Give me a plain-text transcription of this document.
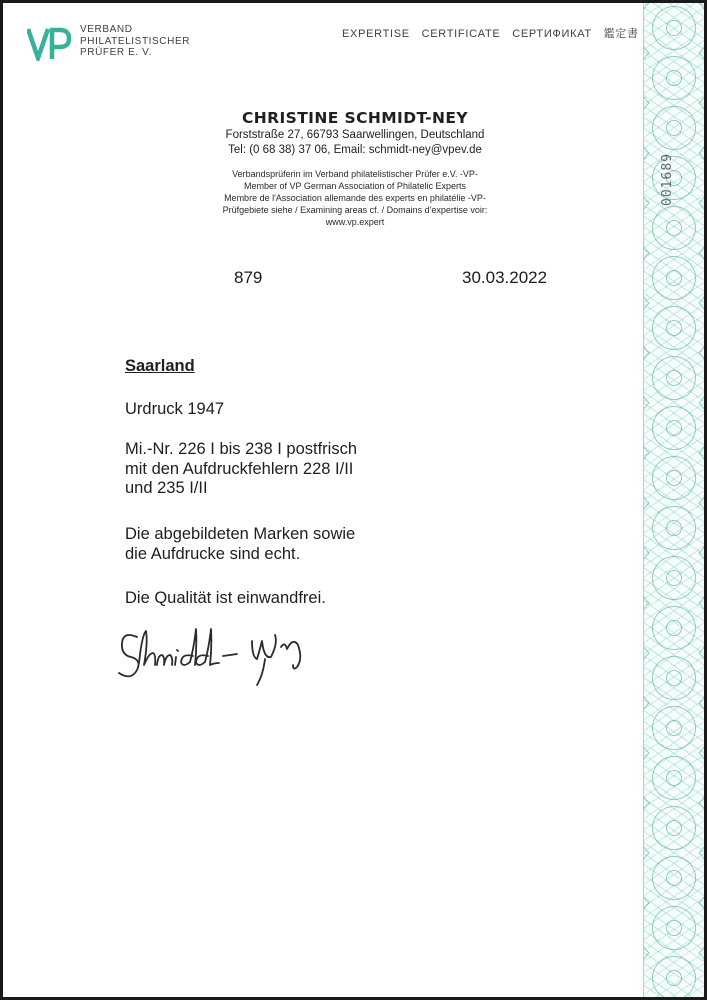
VERBAND
PHILATELISTISCHER
PRÜFER E. V.
EXPERTISE CERTIFICATE СЕРТИФИКАТ 鑑定書
001689
CHRISTINE SCHMIDT-NEY
Forststraße 27, 66793 Saarwellingen, Deutschland
Tel: (0 68 38) 37 06, Email: schmidt-ney@vpev.de
Verbandsprüferin im Verband philatelistischer Prüfer e.V. -VP-
Member of VP German Association of Philatelic Experts
Membre de l'Association allemande des experts en philatélie -VP-
Prüfgebiete siehe / Examining areas cf. / Domains d'expertise voir:
www.vp.expert
879	30.03.2022
Saarland
Urdruck 1947
Mi.-Nr. 226 I bis 238 I postfrisch
mit den Aufdruckfehlern 228 I/II
und 235 I/II
Die abgebildeten Marken sowie
die Aufdrucke sind echt.
Die Qualität ist einwandfrei.
